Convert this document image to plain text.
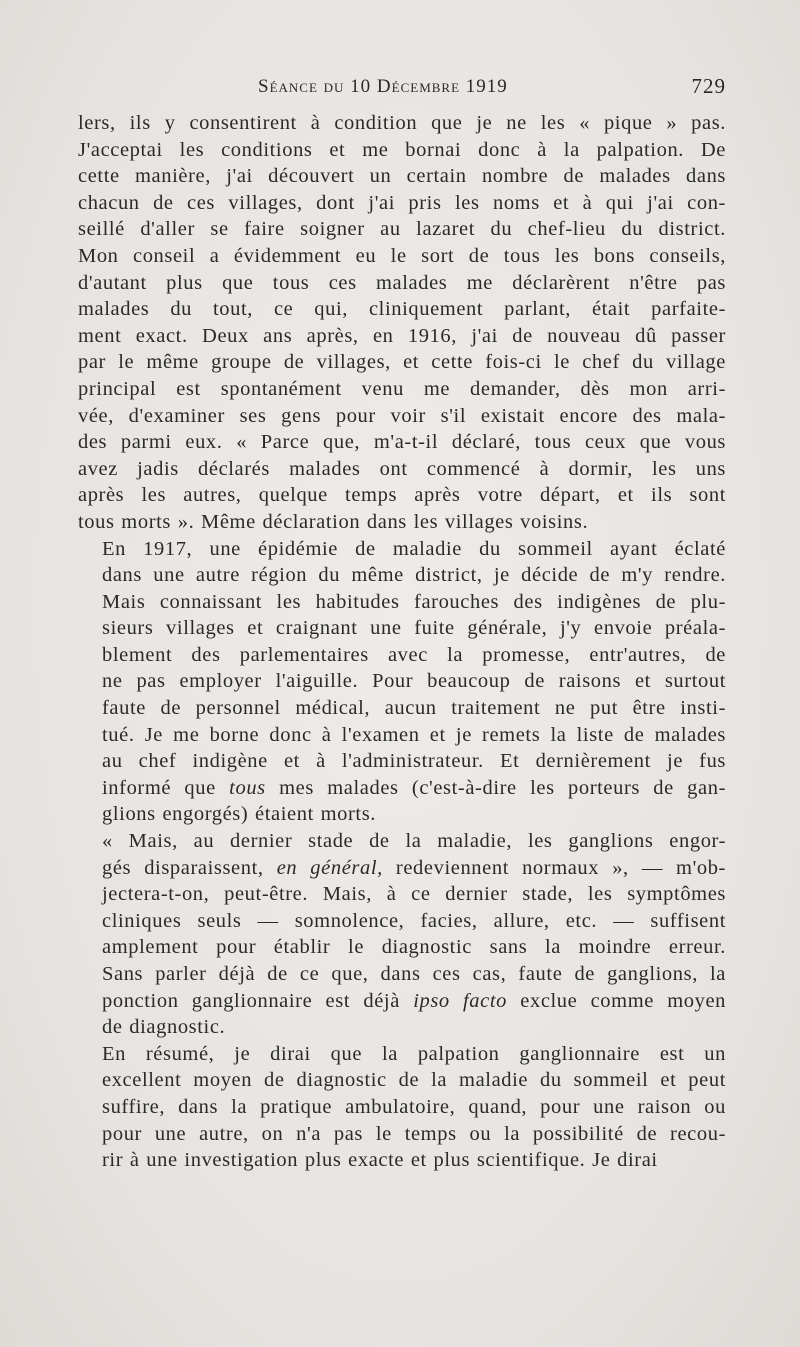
Séance du 10 Décembre 1919	729

lers, ils y consentirent à condition que je ne les « pique » pas.
J'acceptai les conditions et me bornai donc à la palpation. De
cette manière, j'ai découvert un certain nombre de malades dans
chacun de ces villages, dont j'ai pris les noms et à qui j'ai con-
seillé d'aller se faire soigner au lazaret du chef-lieu du district.
Mon conseil a évidemment eu le sort de tous les bons conseils,
d'autant plus que tous ces malades me déclarèrent n'être pas
malades du tout, ce qui, cliniquement parlant, était parfaite-
ment exact. Deux ans après, en 1916, j'ai de nouveau dû passer
par le même groupe de villages, et cette fois-ci le chef du village
principal est spontanément venu me demander, dès mon arri-
vée, d'examiner ses gens pour voir s'il existait encore des mala-
des parmi eux. « Parce que, m'a-t-il déclaré, tous ceux que vous
avez jadis déclarés malades ont commencé à dormir, les uns
après les autres, quelque temps après votre départ, et ils sont
tous morts ». Même déclaration dans les villages voisins.

En 1917, une épidémie de maladie du sommeil ayant éclaté
dans une autre région du même district, je décide de m'y rendre.
Mais connaissant les habitudes farouches des indigènes de plu-
sieurs villages et craignant une fuite générale, j'y envoie préala-
blement des parlementaires avec la promesse, entr'autres, de
ne pas employer l'aiguille. Pour beaucoup de raisons et surtout
faute de personnel médical, aucun traitement ne put être insti-
tué. Je me borne donc à l'examen et je remets la liste de malades
au chef indigène et à l'administrateur. Et dernièrement je fus
informé que tous mes malades (c'est-à-dire les porteurs de gan-
glions engorgés) étaient morts.

« Mais, au dernier stade de la maladie, les ganglions engor-
gés disparaissent, en général, redeviennent normaux », — m'ob-
jectera-t-on, peut-être. Mais, à ce dernier stade, les symptômes
cliniques seuls — somnolence, facies, allure, etc. — suffisent
amplement pour établir le diagnostic sans la moindre erreur.
Sans parler déjà de ce que, dans ces cas, faute de ganglions, la
ponction ganglionnaire est déjà ipso facto exclue comme moyen
de diagnostic.

En résumé, je dirai que la palpation ganglionnaire est un
excellent moyen de diagnostic de la maladie du sommeil et peut
suffire, dans la pratique ambulatoire, quand, pour une raison ou
pour une autre, on n'a pas le temps ou la possibilité de recou-
rir à une investigation plus exacte et plus scientifique. Je dirai
